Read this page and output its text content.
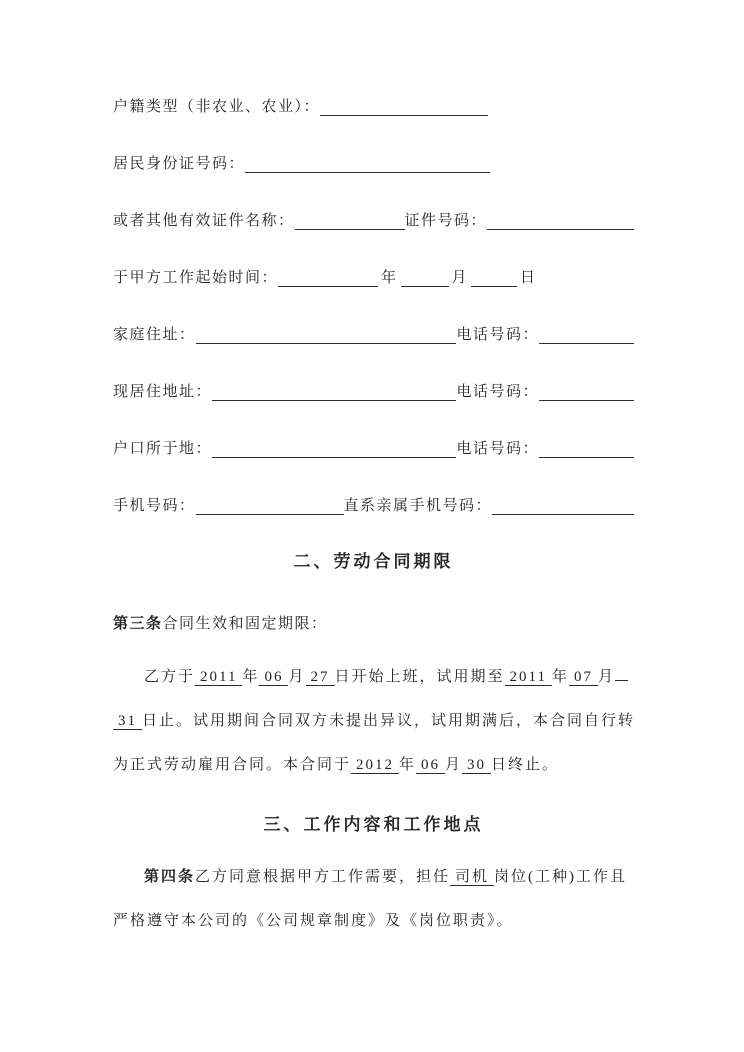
户籍类型（非农业、农业）：
居民身份证号码：
或者其他有效证件名称：	证件号码：
于甲方工作起始时间：	年	月	日
家庭住址：	电话号码：
现居住地址：	电话号码：
户口所于地：	电话号码：
手机号码：	直系亲属手机号码：
二、劳动合同期限
第三条合同生效和固定期限：
乙方于 2011 年 06 月 27 日开始上班，试用期至 2011 年 07 月
31 日止。试用期间合同双方未提出异议，试用期满后，本合同自行转
为正式劳动雇用合同。本合同于 2012 年 06 月 30 日终止。
三、工作内容和工作地点
第四条乙方同意根据甲方工作需要，担任 司机 岗位(工种)工作且
严格遵守本公司的《公司规章制度》及《岗位职责》。
